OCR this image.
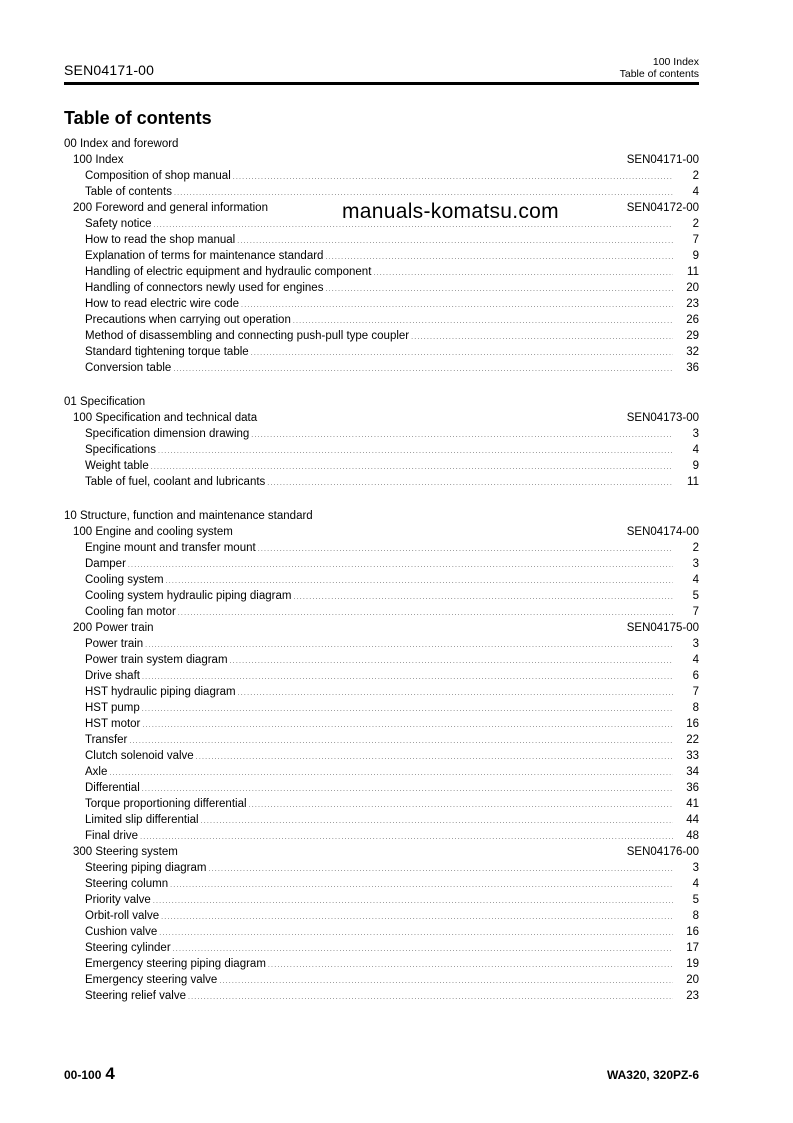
SEN04171-00	100 Index
Table of contents
Table of contents
manuals-komatsu.com
00 Index and foreword
100 Index	SEN04171-00
Composition of shop manual .....	2
Table of contents .....	4
200 Foreword and general information	SEN04172-00
Safety notice .....	2
How to read the shop manual .....	7
Explanation of terms for maintenance standard .....	9
Handling of electric equipment and hydraulic component .....	11
Handling of connectors newly used for engines .....	20
How to read electric wire code .....	23
Precautions when carrying out operation .....	26
Method of disassembling and connecting push-pull type coupler .....	29
Standard tightening torque table .....	32
Conversion table .....	36
01 Specification
100 Specification and technical data	SEN04173-00
Specification dimension drawing .....	3
Specifications .....	4
Weight table .....	9
Table of fuel, coolant and lubricants .....	11
10 Structure, function and maintenance standard
100 Engine and cooling system	SEN04174-00
Engine mount and transfer mount .....	2
Damper .....	3
Cooling system .....	4
Cooling system hydraulic piping diagram .....	5
Cooling fan motor .....	7
200 Power train	SEN04175-00
Power train .....	3
Power train system diagram .....	4
Drive shaft .....	6
HST hydraulic piping diagram .....	7
HST pump .....	8
HST motor .....	16
Transfer .....	22
Clutch solenoid valve .....	33
Axle .....	34
Differential .....	36
Torque proportioning differential .....	41
Limited slip differential .....	44
Final drive .....	48
300 Steering system	SEN04176-00
Steering piping diagram .....	3
Steering column .....	4
Priority valve .....	5
Orbit-roll valve .....	8
Cushion valve .....	16
Steering cylinder .....	17
Emergency steering piping diagram .....	19
Emergency steering valve .....	20
Steering relief valve .....	23
00-100 4	WA320, 320PZ-6
